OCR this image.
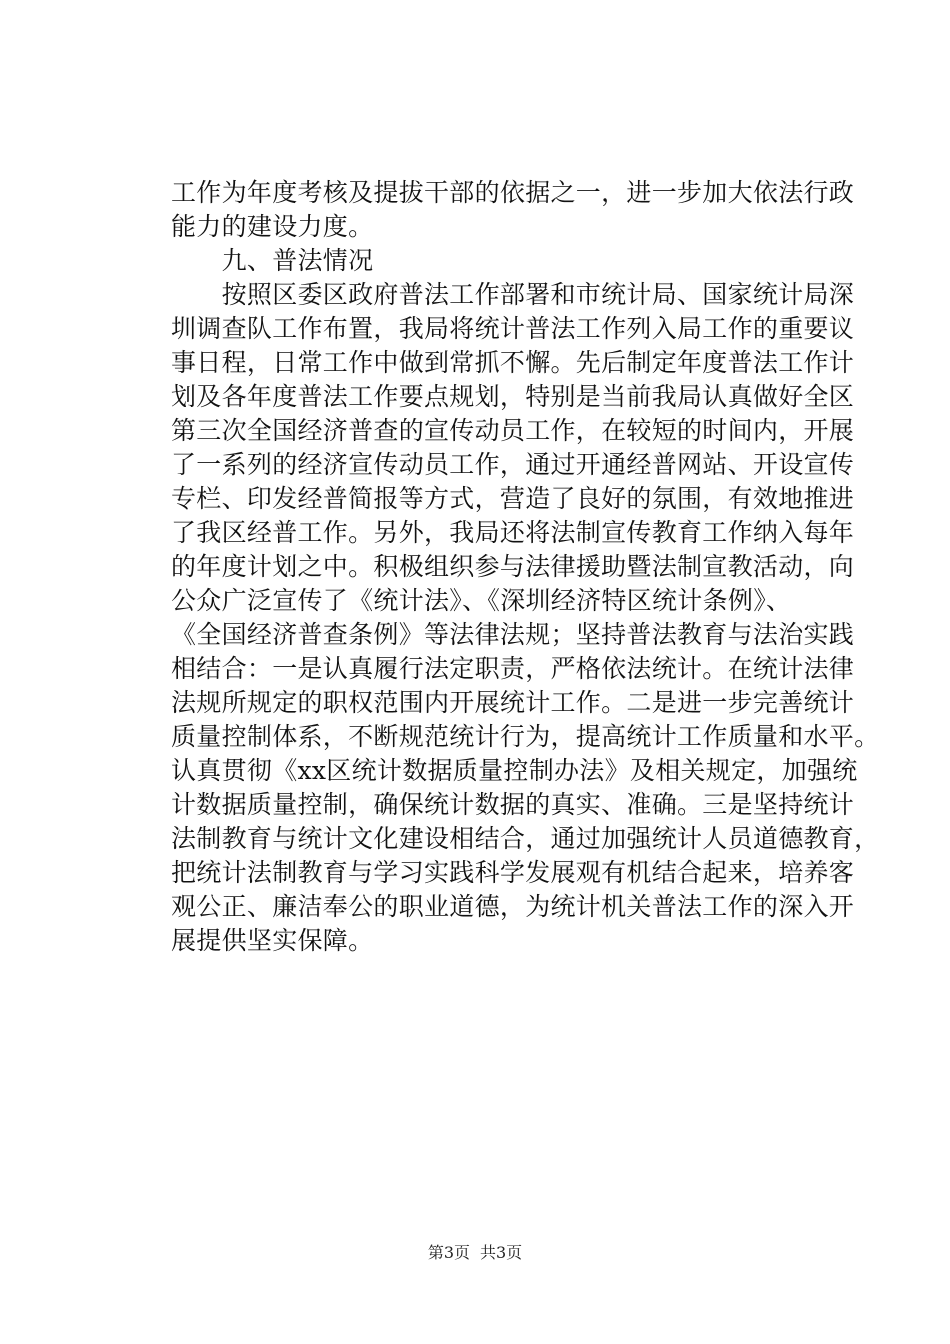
工作为年度考核及提拔干部的依据之一，进一步加大依法行政
能力的建设力度。
　　九、普法情况
　　按照区委区政府普法工作部署和市统计局、国家统计局深
圳调查队工作布置，我局将统计普法工作列入局工作的重要议
事日程，日常工作中做到常抓不懈。先后制定年度普法工作计
划及各年度普法工作要点规划，特别是当前我局认真做好全区
第三次全国经济普查的宣传动员工作，在较短的时间内，开展
了一系列的经济宣传动员工作，通过开通经普网站、开设宣传
专栏、印发经普简报等方式，营造了良好的氛围，有效地推进
了我区经普工作。另外，我局还将法制宣传教育工作纳入每年
的年度计划之中。积极组织参与法律援助暨法制宣教活动，向
公众广泛宣传了《统计法》、《深圳经济特区统计条例》、
《全国经济普查条例》等法律法规；坚持普法教育与法治实践
相结合：一是认真履行法定职责，严格依法统计。在统计法律
法规所规定的职权范围内开展统计工作。二是进一步完善统计
质量控制体系，不断规范统计行为，提高统计工作质量和水平。
认真贯彻《xx区统计数据质量控制办法》及相关规定，加强统
计数据质量控制，确保统计数据的真实、准确。三是坚持统计
法制教育与统计文化建设相结合，通过加强统计人员道德教育，
把统计法制教育与学习实践科学发展观有机结合起来，培养客
观公正、廉洁奉公的职业道德，为统计机关普法工作的深入开
展提供坚实保障。
第3页 共3页
